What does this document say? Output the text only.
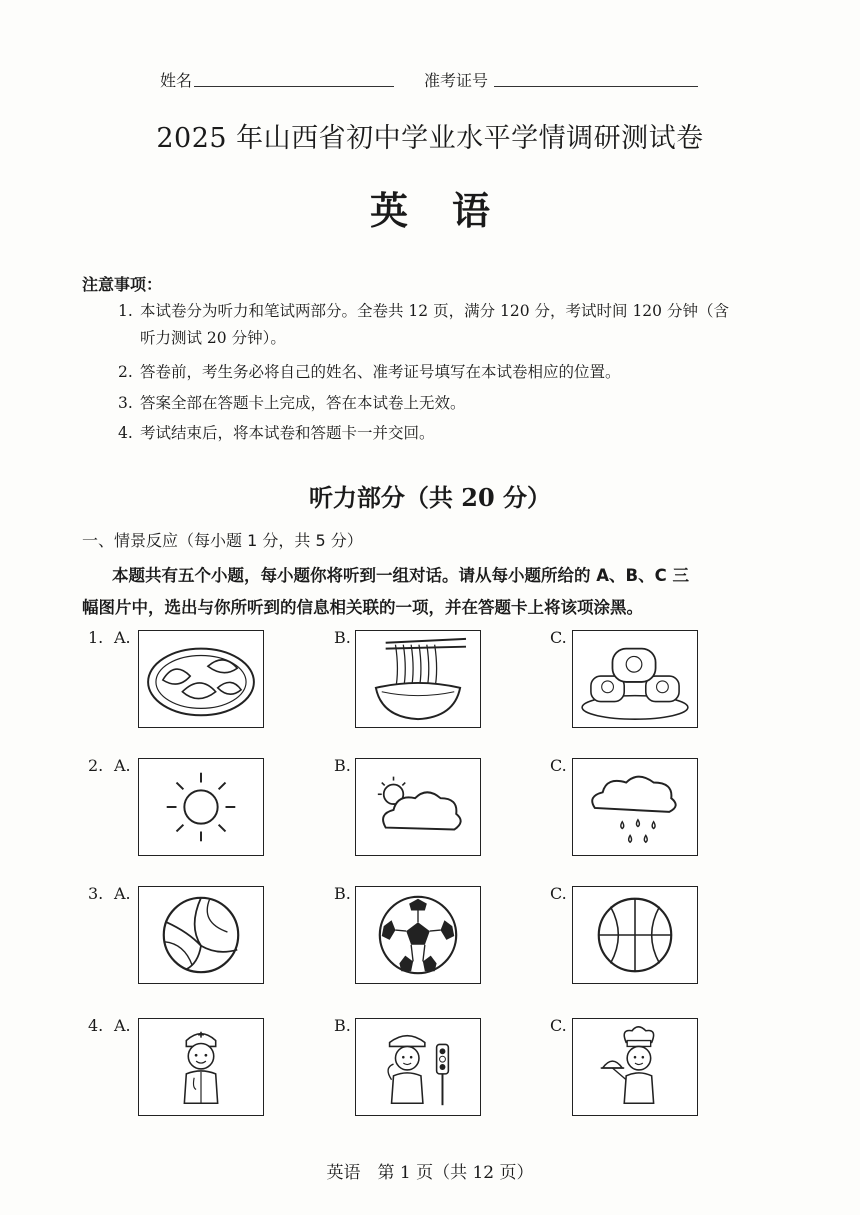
姓名	准考证号
2025 年山西省初中学业水平学情调研测试卷
英语
注意事项：
1. 本试卷分为听力和笔试两部分。全卷共 12 页，满分 120 分，考试时间 120 分钟（含
听力测试 20 分钟）。
2. 答卷前，考生务必将自己的姓名、准考证号填写在本试卷相应的位置。
3. 答案全部在答题卡上完成，答在本试卷上无效。
4. 考试结束后，将本试卷和答题卡一并交回。
听力部分（共 20 分）
一、情景反应（每小题 1 分，共 5 分）
本题共有五个小题，每小题你将听到一组对话。请从每小题所给的 A、B、C 三
幅图片中，选出与你所听到的信息相关联的一项，并在答题卡上将该项涂黑。
1. A.	B.	C.
2. A.	B.	C.
3. A.	B.	C.
4. A.	B.	C.
英语　第 1 页（共 12 页）
